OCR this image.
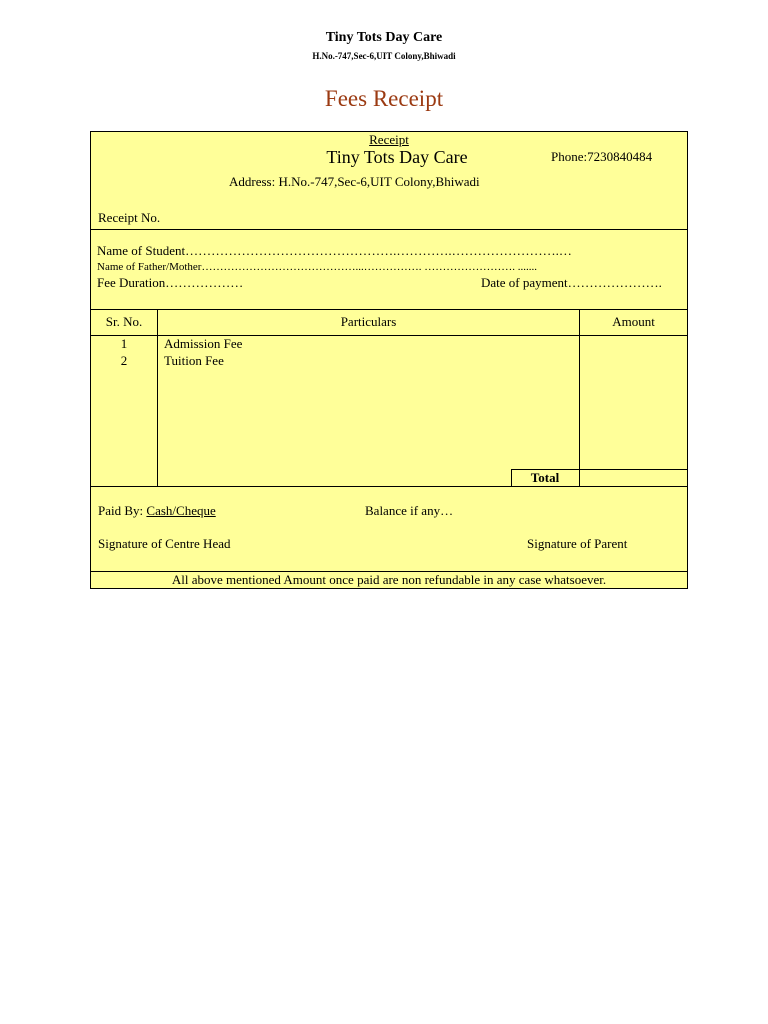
Tiny Tots Day Care
H.No.-747,Sec-6,UIT Colony,Bhiwadi
Fees Receipt
Receipt
Tiny Tots Day Care	Phone:7230840484
Address: H.No.-747,Sec-6,UIT Colony,Bhiwadi
Receipt No.
Name of Student………………………………………….………….…………………….…
Name of Father/Mother……………………………………...……………. ……………………. .......
Fee Duration………………	Date of payment………………….
Sr. No.	Particulars	Amount
1	Admission Fee
2	Tuition Fee
Total
Paid By: Cash/Cheque	Balance if any…
Signature of Centre Head	Signature of Parent
All above mentioned Amount once paid are non refundable in any case whatsoever.
